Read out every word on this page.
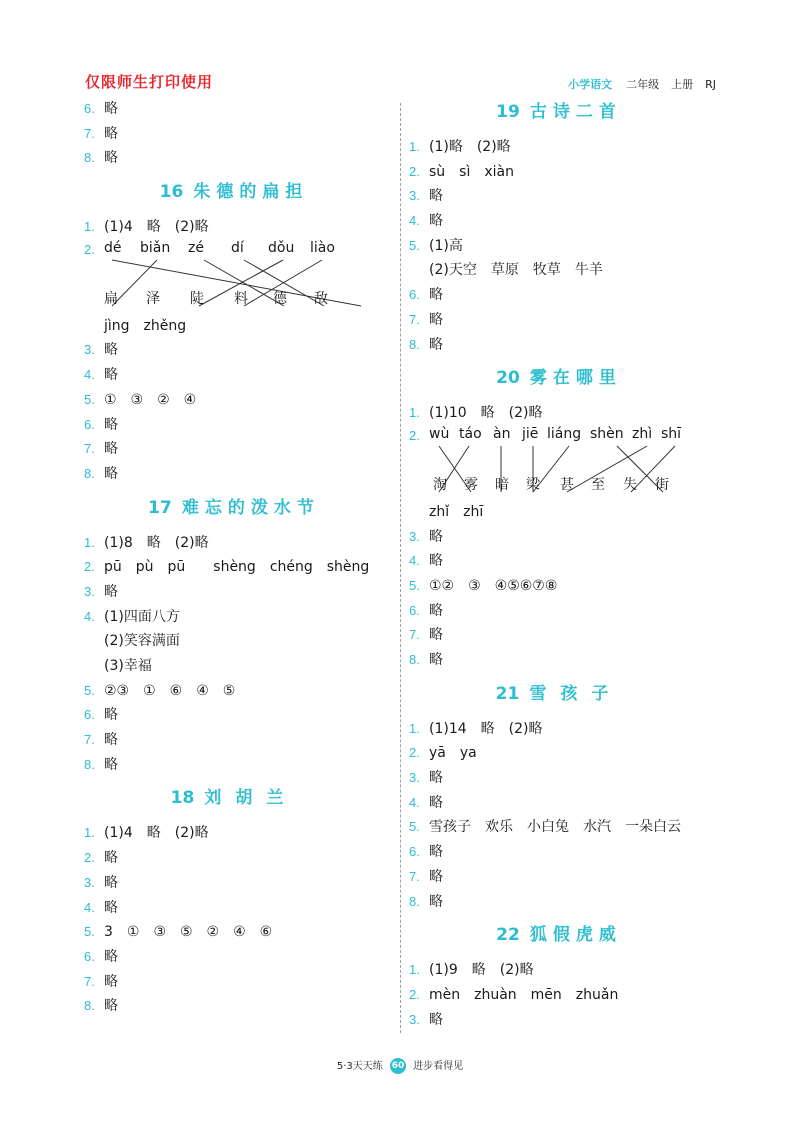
仅限师生打印使用	小学语文 二年级 上册 RJ
6. 略
7. 略
8. 略
16 朱德的扁担
1. (1)4　略　(2)略
2. dé biǎn zé dí dǒu liào
扁 泽 陡 料 德 敌
jìng　zhěng
3. 略
4. 略
5. ①　③　②　④
6. 略
7. 略
8. 略
17 难忘的泼水节
1. (1)8　略　(2)略
2. pū　pù　pū　　shèng　chéng　shèng
3. 略
4. (1)四面八方
(2)笑容满面
(3)幸福
5. ②③　①　⑥　④　⑤
6. 略
7. 略
8. 略
18 刘胡兰
1. (1)4　略　(2)略
2. 略
3. 略
4. 略
5. 3　①　③　⑤　②　④　⑥
6. 略
7. 略
8. 略
19 古诗二首
1. (1)略　(2)略
2. sù　sì　xiàn
3. 略
4. 略
5. (1)高
(2)天空　草原　牧草　牛羊
6. 略
7. 略
8. 略
20 雾在哪里
1. (1)10　略　(2)略
2. wù táo àn jiē liáng shèn zhì shī
淘 雾 暗 梁 甚 至 失 街
zhǐ　zhī
3. 略
4. 略
5. ①②　③　④⑤⑥⑦⑧
6. 略
7. 略
8. 略
21 雪孩子
1. (1)14　略　(2)略
2. yā　ya
3. 略
4. 略
5. 雪孩子　欢乐　小白兔　水汽　一朵白云
6. 略
7. 略
8. 略
22 狐假虎威
1. (1)9　略　(2)略
2. mèn　zhuàn　mēn　zhuǎn
3. 略
5·3天天练 60 进步看得见
